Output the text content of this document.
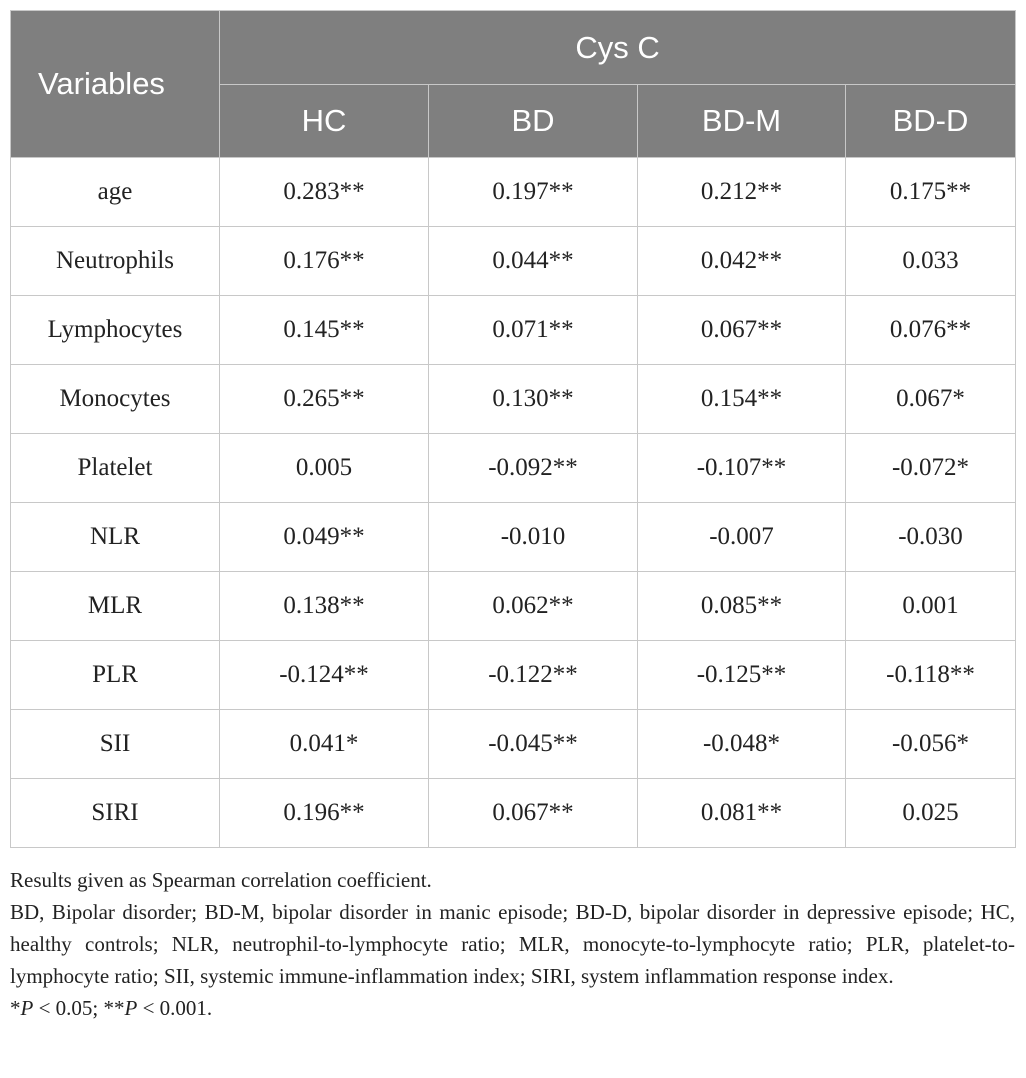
Variables	Cys C			
	HC	BD	BD-M	BD-D
age	0.283**	0.197**	0.212**	0.175**
Neutrophils	0.176**	0.044**	0.042**	0.033
Lymphocytes	0.145**	0.071**	0.067**	0.076**
Monocytes	0.265**	0.130**	0.154**	0.067*
Platelet	0.005	-0.092**	-0.107**	-0.072*
NLR	0.049**	-0.010	-0.007	-0.030
MLR	0.138**	0.062**	0.085**	0.001
PLR	-0.124**	-0.122**	-0.125**	-0.118**
SII	0.041*	-0.045**	-0.048*	-0.056*
SIRI	0.196**	0.067**	0.081**	0.025

Results given as Spearman correlation coefficient.

BD, Bipolar disorder; BD-M, bipolar disorder in manic episode; BD-D, bipolar disorder in depressive episode; HC, healthy controls; NLR, neutrophil-to-lymphocyte ratio; MLR, monocyte-to-lymphocyte ratio; PLR, platelet-to-lymphocyte ratio; SII, systemic immune-inflammation index; SIRI, system inflammation response index.

*P < 0.05; **P < 0.001.
